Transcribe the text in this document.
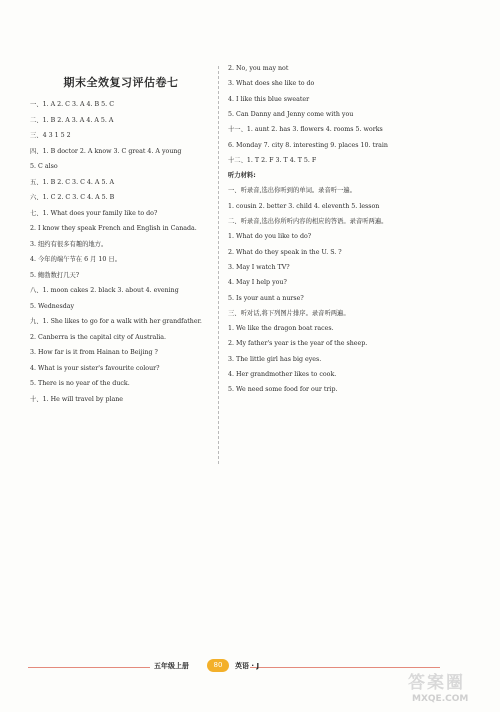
期末全效复习评估卷七
一、1. A 2. C 3. A 4. B 5. C
二、1. B 2. A 3. A 4. A 5. A
三、4 3 1 5 2
四、1. B doctor 2. A know 3. C great 4. A young
5. C also
五、1. B 2. C 3. C 4. A 5. A
六、1. C 2. C 3. C 4. A 5. B
七、1. What does your family like to do?
2. I know they speak French and English in Canada.
3. 纽约有很多有趣的地方。
4. 今年的端午节在 6 月 10 日。
5. 鲍勃数打几天?
八、1. moon cakes 2. black 3. about 4. evening
5. Wednesday
九、1. She likes to go for a walk with her grandfather.
2. Canberra is the capital city of Australia.
3. How far is it from Hainan to Beijing ?
4. What is your sister's favourite colour?
5. There is no year of the duck.
十、1. He will travel by plane
2. No, you may not
3. What does she like to do
4. I like this blue sweater
5. Can Danny and Jenny come with you
十一、1. aunt 2. has 3. flowers 4. rooms 5. works
6. Monday 7. city 8. interesting 9. places 10. train
十二、1. T 2. F 3. T 4. T 5. F
听力材料:
一、听录音,选出你听到的单词。录音听一遍。
1. cousin 2. better 3. child 4. eleventh 5. lesson
二、听录音,选出你所听内容的相应的答语。录音听两遍。
1. What do you like to do?
2. What do they speak in the U. S. ?
3. May I watch TV?
4. May I help you?
5. Is your aunt a nurse?
三、听对话,将下列图片排序。录音听两遍。
1. We like the dragon boat races.
2. My father's year is the year of the sheep.
3. The little girl has big eyes.
4. Her grandmother likes to cook.
5. We need some food for our trip.
五年级上册	80	英语 · J
答案圈
MXQE.COM
